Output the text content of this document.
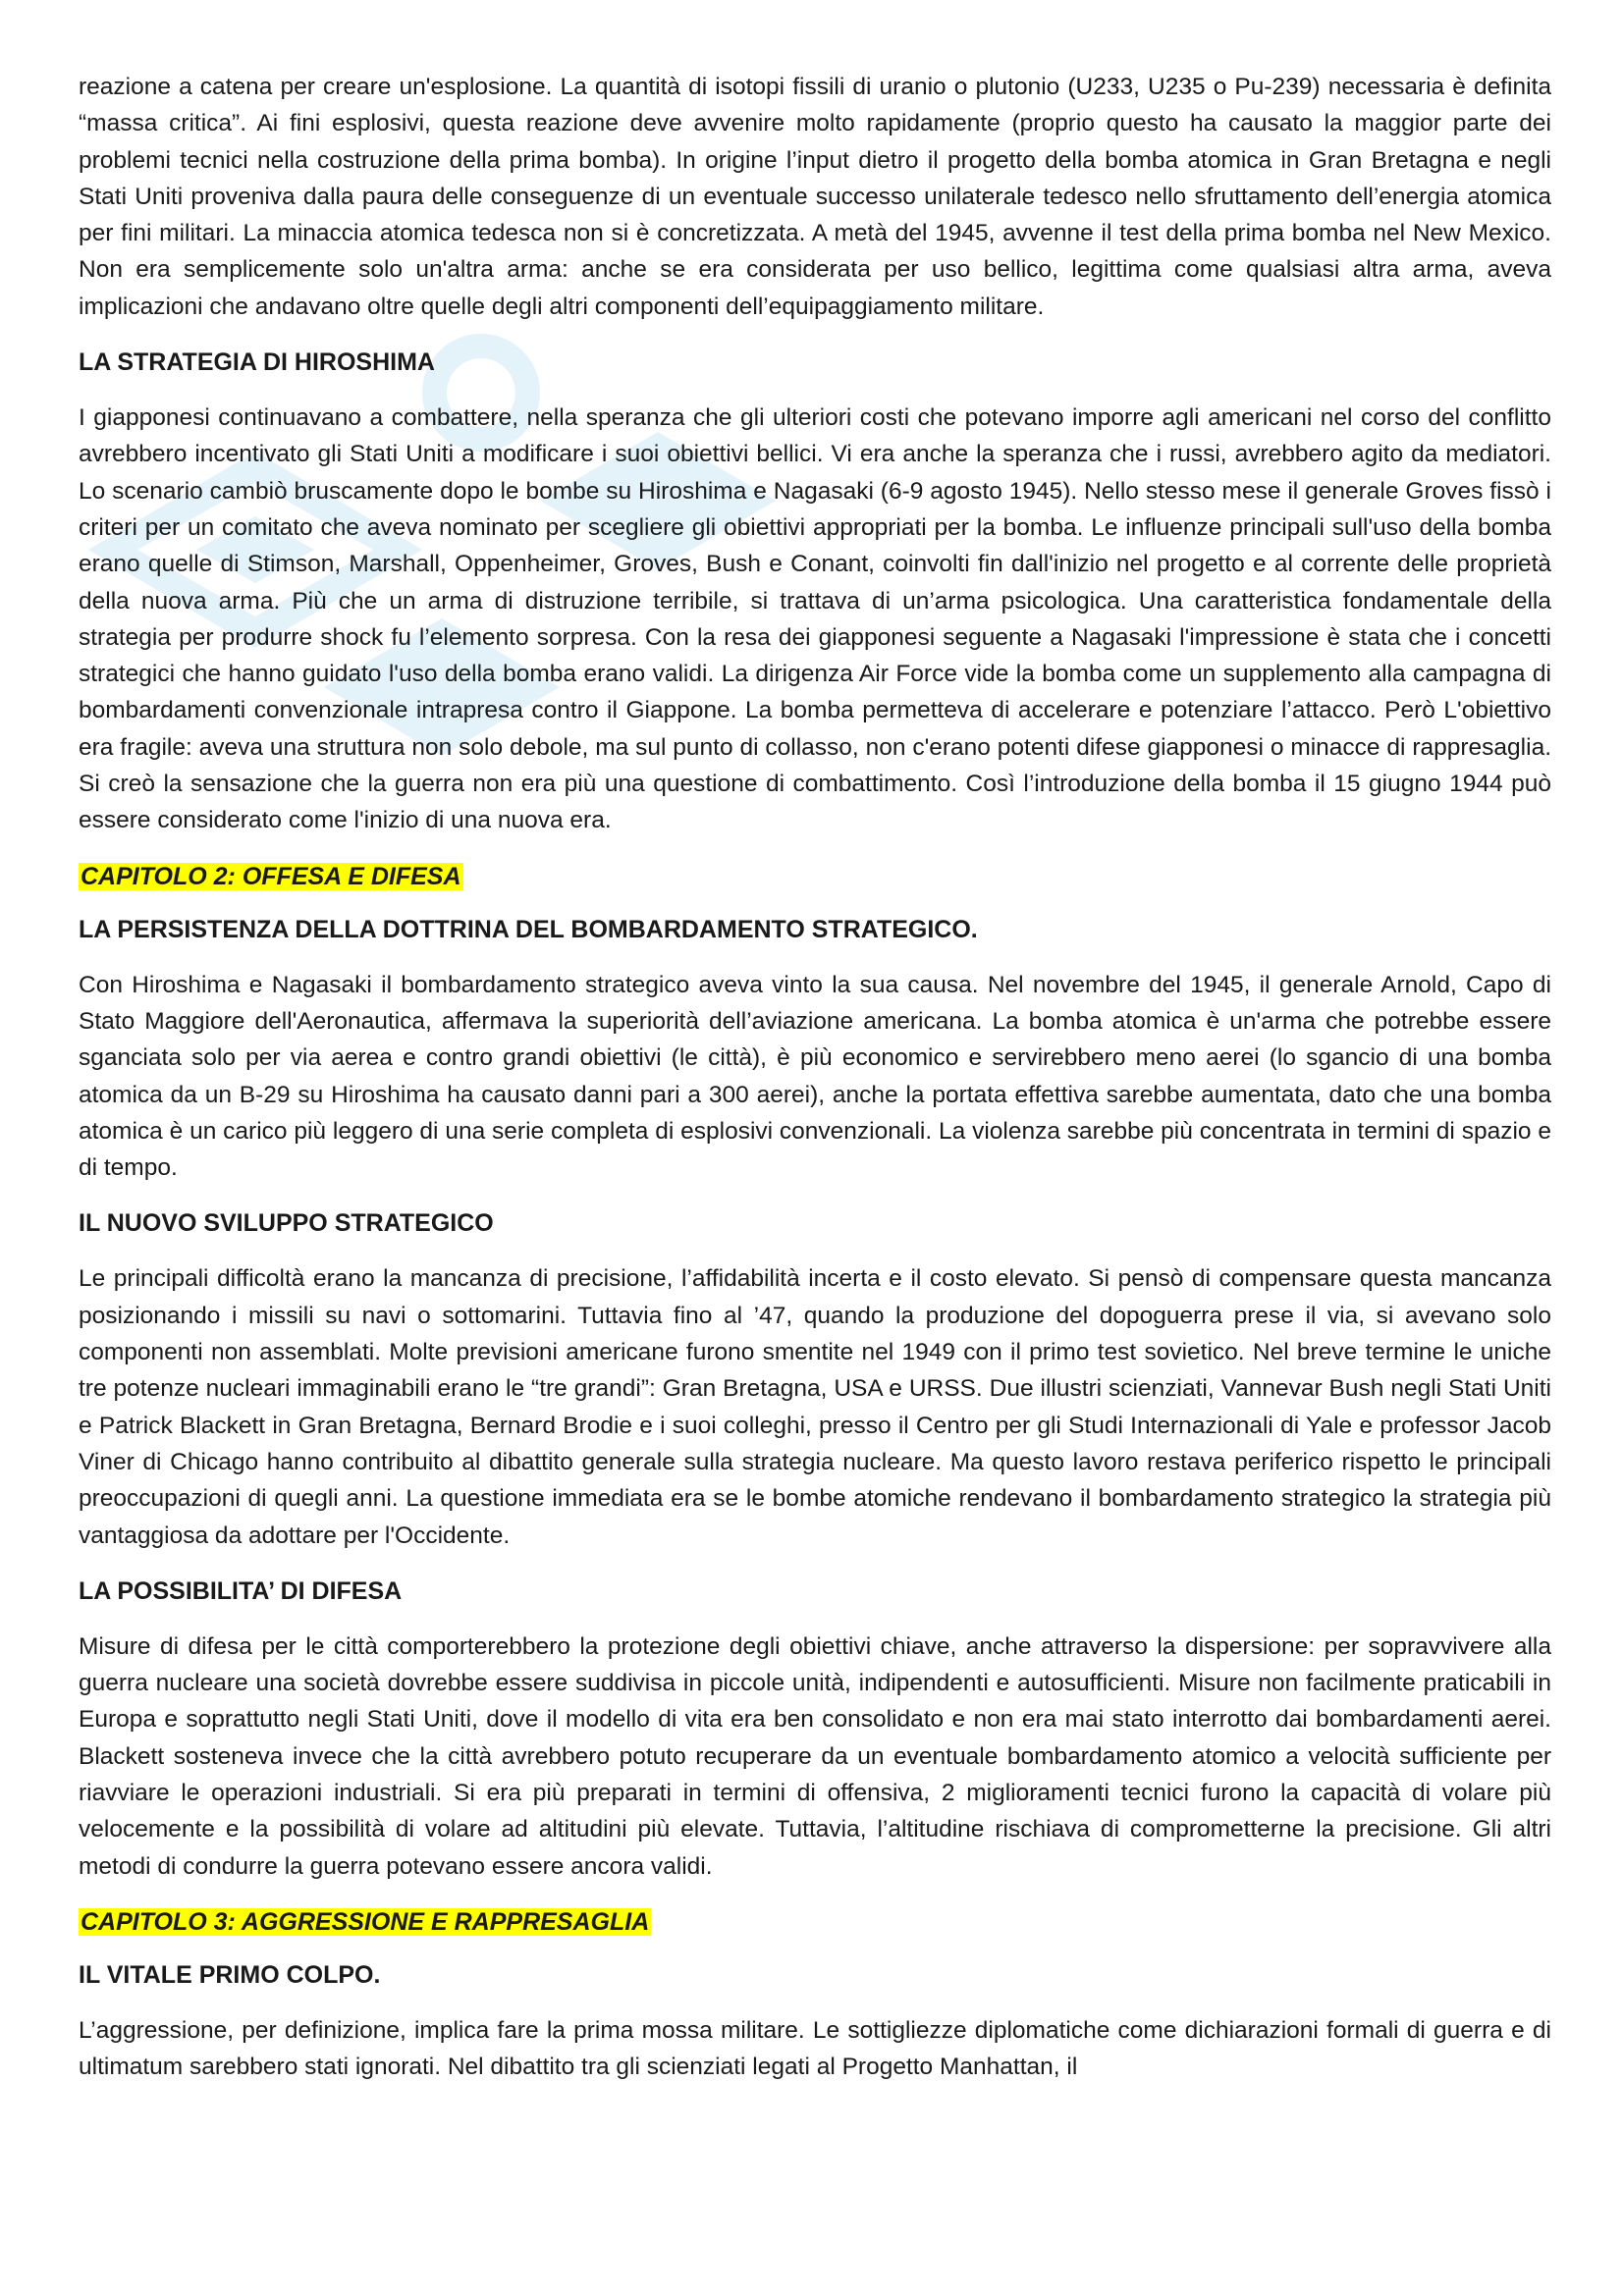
reazione a catena per creare un'esplosione. La quantità di isotopi fissili di uranio o plutonio (U233, U235 o Pu-239) necessaria è definita “massa critica”. Ai fini esplosivi, questa reazione deve avvenire molto rapidamente (proprio questo ha causato la maggior parte dei problemi tecnici nella costruzione della prima bomba). In origine l’input dietro il progetto della bomba atomica in Gran Bretagna e negli Stati Uniti proveniva dalla paura delle conseguenze di un eventuale successo unilaterale tedesco nello sfruttamento dell’energia atomica per fini militari. La minaccia atomica tedesca non si è concretizzata. A metà del 1945, avvenne il test della prima bomba nel New Mexico. Non era semplicemente solo un'altra arma: anche se era considerata per uso bellico, legittima come qualsiasi altra arma, aveva implicazioni che andavano oltre quelle degli altri componenti dell’equipaggiamento militare.

LA STRATEGIA DI HIROSHIMA

I giapponesi continuavano a combattere, nella speranza che gli ulteriori costi che potevano imporre agli americani nel corso del conflitto avrebbero incentivato gli Stati Uniti a modificare i suoi obiettivi bellici. Vi era anche la speranza che i russi, avrebbero agito da mediatori. Lo scenario cambiò bruscamente dopo le bombe su Hiroshima e Nagasaki (6-9 agosto 1945). Nello stesso mese il generale Groves fissò i criteri per un comitato che aveva nominato per scegliere gli obiettivi appropriati per la bomba. Le influenze principali sull'uso della bomba erano quelle di Stimson, Marshall, Oppenheimer, Groves, Bush e Conant, coinvolti fin dall'inizio nel progetto e al corrente delle proprietà della nuova arma. Più che un arma di distruzione terribile, si trattava di un’arma psicologica. Una caratteristica fondamentale della strategia per produrre shock fu l’elemento sorpresa. Con la resa dei giapponesi seguente a Nagasaki l'impressione è stata che i concetti strategici che hanno guidato l'uso della bomba erano validi. La dirigenza Air Force vide la bomba come un supplemento alla campagna di bombardamenti convenzionale intrapresa contro il Giappone. La bomba permetteva di accelerare e potenziare l’attacco. Però L'obiettivo era fragile: aveva una struttura non solo debole, ma sul punto di collasso, non c'erano potenti difese giapponesi o minacce di rappresaglia. Si creò la sensazione che la guerra non era più una questione di combattimento. Così l’introduzione della bomba il 15 giugno 1944 può essere considerato come l'inizio di una nuova era.

CAPITOLO 2: OFFESA E DIFESA
LA PERSISTENZA DELLA DOTTRINA DEL BOMBARDAMENTO STRATEGICO.

Con Hiroshima e Nagasaki il bombardamento strategico aveva vinto la sua causa. Nel novembre del 1945, il generale Arnold, Capo di Stato Maggiore dell'Aeronautica, affermava la superiorità dell’aviazione americana. La bomba atomica è un'arma che potrebbe essere sganciata solo per via aerea e contro grandi obiettivi (le città), è più economico e servirebbero meno aerei (lo sgancio di una bomba atomica da un B-29 su Hiroshima ha causato danni pari a 300 aerei), anche la portata effettiva sarebbe aumentata, dato che una bomba atomica è un carico più leggero di una serie completa di esplosivi convenzionali. La violenza sarebbe più concentrata in termini di spazio e di tempo.

IL NUOVO SVILUPPO STRATEGICO

Le principali difficoltà erano la mancanza di precisione, l’affidabilità incerta e il costo elevato. Si pensò di compensare questa mancanza posizionando i missili su navi o sottomarini. Tuttavia fino al ’47, quando la produzione del dopoguerra prese il via, si avevano solo componenti non assemblati. Molte previsioni americane furono smentite nel 1949 con il primo test sovietico. Nel breve termine le uniche tre potenze nucleari immaginabili erano le “tre grandi”: Gran Bretagna, USA e URSS. Due illustri scienziati, Vannevar Bush negli Stati Uniti e Patrick Blackett in Gran Bretagna, Bernard Brodie e i suoi colleghi, presso il Centro per gli Studi Internazionali di Yale e professor Jacob Viner di Chicago hanno contribuito al dibattito generale sulla strategia nucleare. Ma questo lavoro restava periferico rispetto le principali preoccupazioni di quegli anni. La questione immediata era se le bombe atomiche rendevano il bombardamento strategico la strategia più vantaggiosa da adottare per l'Occidente.

LA POSSIBILITA’ DI DIFESA

Misure di difesa per le città comporterebbero la protezione degli obiettivi chiave, anche attraverso la dispersione: per sopravvivere alla guerra nucleare una società dovrebbe essere suddivisa in piccole unità, indipendenti e autosufficienti. Misure non facilmente praticabili in Europa e soprattutto negli Stati Uniti, dove il modello di vita era ben consolidato e non era mai stato interrotto dai bombardamenti aerei. Blackett sosteneva invece che la città avrebbero potuto recuperare da un eventuale bombardamento atomico a velocità sufficiente per riavviare le operazioni industriali. Si era più preparati in termini di offensiva, 2 miglioramenti tecnici furono la capacità di volare più velocemente e la possibilità di volare ad altitudini più elevate. Tuttavia, l’altitudine rischiava di comprometterne la precisione. Gli altri metodi di condurre la guerra potevano essere ancora validi.

CAPITOLO 3: AGGRESSIONE E RAPPRESAGLIA
IL VITALE PRIMO COLPO.

L’aggressione, per definizione, implica fare la prima mossa militare. Le sottigliezze diplomatiche come dichiarazioni formali di guerra e di ultimatum sarebbero stati ignorati. Nel dibattito tra gli scienziati legati al Progetto Manhattan, il
